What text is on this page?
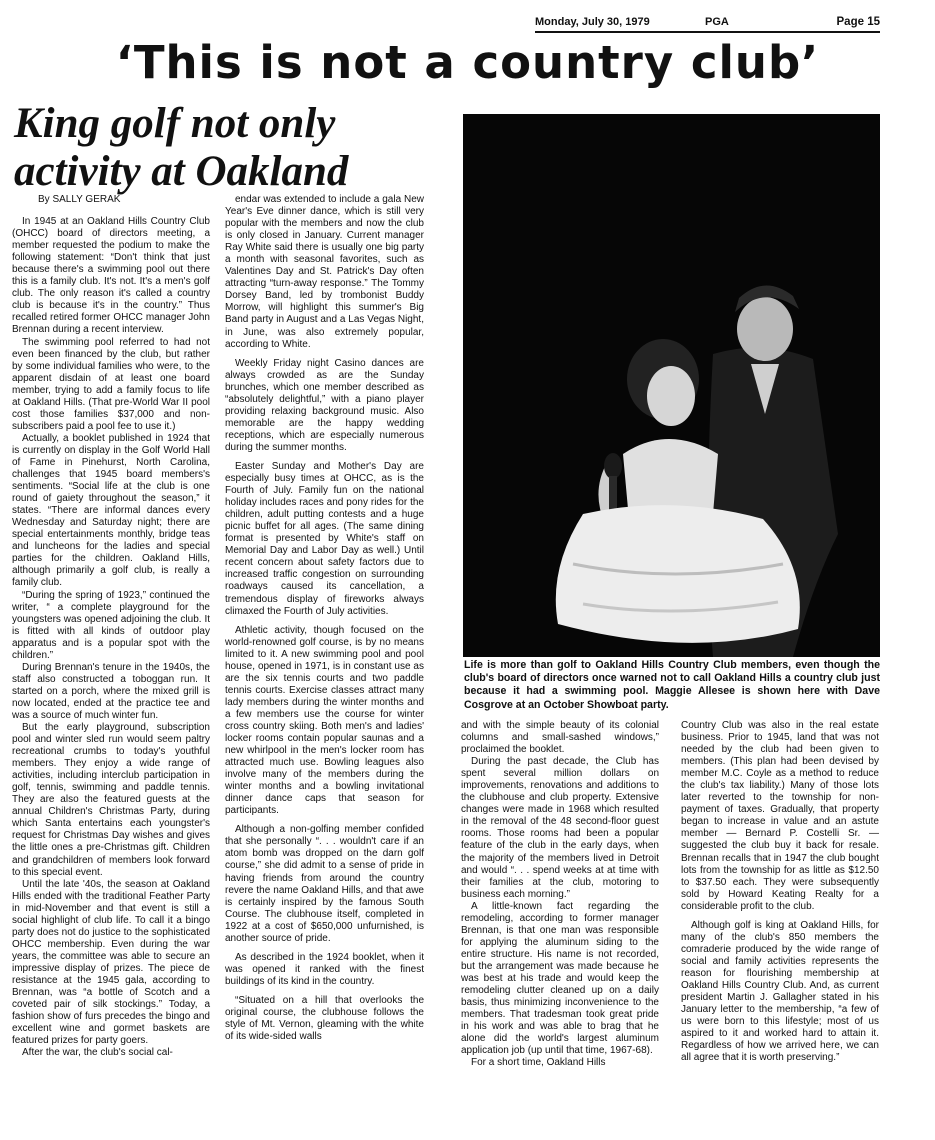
Monday, July 30, 1979	PGA	Page 15
‘This is not a country club’
King golf not only
activity at Oakland

By SALLY GERAK

In 1945 at an Oakland Hills Country Club (OHCC) board of directors meeting, a member requested the podium to make the following statement: “Don't think that just because there's a swimming pool out there this is a family club. It's not. It's a men's golf club. The only reason it's called a country club is because it's in the country.” Thus recalled retired former OHCC manager John Brennan during a recent interview.

The swimming pool referred to had not even been financed by the club, but rather by some individual families who were, to the apparent disdain of at least one board member, trying to add a family focus to life at Oakland Hills. (That pre-World War II pool cost those families $37,000 and non-subscribers paid a pool fee to use it.)

Actually, a booklet published in 1924 that is currently on display in the Golf World Hall of Fame in Pinehurst, North Carolina, challenges that 1945 board members's sentiments. “Social life at the club is one round of gaiety throughout the season,” it states. “There are informal dances every Wednesday and Saturday night; there are special entertainments monthly, bridge teas and luncheons for the ladies and special parties for the children. Oakland Hills, although primarily a golf club, is really a family club.

“During the spring of 1923,” continued the writer, “ a complete playground for the youngsters was opened adjoining the club. It is fitted with all kinds of outdoor play apparatus and is a popular spot with the children.”

During Brennan's tenure in the 1940s, the staff also constructed a toboggan run. It started on a porch, where the mixed grill is now located, ended at the practice tee and was a source of much winter fun.

But the early playground, subscription pool and winter sled run would seem paltry recreational crumbs to today's youthful members. They enjoy a wide range of activities, including interclub participation in golf, tennis, swimming and paddle tennis. They are also the featured guests at the annual Children's Christmas Party, during which Santa entertains each youngster's request for Christmas Day wishes and gives the little ones a pre-Christmas gift. Children and grandchildren of members look forward to this special event.

Until the late '40s, the season at Oakland Hills ended with the traditional Feather Party in mid-November and that event is still a social highlight of club life. To call it a bingo party does not do justice to the sophisticated OHCC membership. Even during the war years, the committee was able to secure an impressive display of prizes. The piece de resistance at the 1945 gala, according to Brennan, was “a bottle of Scotch and a coveted pair of silk stockings.” Today, a fashion show of furs precedes the bingo and excellent wine and gormet baskets are featured prizes for party goers.

After the war, the club's social cal-

endar was extended to include a gala New Year's Eve dinner dance, which is still very popular with the members and now the club is only closed in January. Current manager Ray White said there is usually one big party a month with seasonal favorites, such as Valentines Day and St. Patrick's Day often attracting “turn-away response.” The Tommy Dorsey Band, led by trombonist Buddy Morrow, will highlight this summer's Big Band party in August and a Las Vegas Night, in June, was also extremely popular, according to White.

Weekly Friday night Casino dances are always crowded as are the Sunday brunches, which one member described as “absolutely delightful,” with a piano player providing relaxing background music. Also memorable are the happy wedding receptions, which are especially numerous during the summer months.

Easter Sunday and Mother's Day are especially busy times at OHCC, as is the Fourth of July. Family fun on the national holiday includes races and pony rides for the children, adult putting contests and a huge picnic buffet for all ages. (The same dining format is presented by White's staff on Memorial Day and Labor Day as well.) Until recent concern about safety factors due to increased traffic congestion on surrounding roadways caused its cancellation, a tremendous display of fireworks always climaxed the Fourth of July activities.

Athletic activity, though focused on the world-renowned golf course, is by no means limited to it. A new swimming pool and pool house, opened in 1971, is in constant use as are the six tennis courts and two paddle tennis courts. Exercise classes attract many lady members during the winter months and a few members use the course for winter cross country skiing. Both men's and ladies' locker rooms contain popular saunas and a new whirlpool in the men's locker room has attracted much use. Bowling leagues also involve many of the members during the winter months and a bowling invitational dinner dance caps that season for participants.

Although a non-golfing member confided that she personally “. . . wouldn't care if an atom bomb was dropped on the darn golf course,” she did admit to a sense of pride in having friends from around the country revere the name Oakland Hills, and that awe is certainly inspired by the famous South Course. The clubhouse itself, completed in 1922 at a cost of $650,000 unfurnished, is another source of pride.

As described in the 1924 booklet, when it was opened it ranked with the finest buildings of its kind in the country.

“Situated on a hill that overlooks the original course, the clubhouse follows the style of Mt. Vernon, gleaming with the white of its wide-sided walls

Life is more than golf to Oakland Hills Country Club members, even though the club's board of directors once warned not to call Oakland Hills a country club just because it had a swimming pool. Maggie Allesee is shown here with Dave Cosgrove at an October Showboat party.

and with the simple beauty of its colonial columns and small-sashed windows,” proclaimed the booklet.

During the past decade, the Club has spent several million dollars on improvements, renovations and additions to the clubhouse and club property. Extensive changes were made in 1968 which resulted in the removal of the 48 second-floor guest rooms. Those rooms had been a popular feature of the club in the early days, when the majority of the members lived in Detroit and would “. . . spend weeks at at time with their families at the club, motoring to business each morning.”

A little-known fact regarding the remodeling, according to former manager Brennan, is that one man was responsible for applying the aluminum siding to the entire structure. His name is not recorded, but the arrangement was made because he was best at his trade and would keep the remodeling clutter cleaned up on a daily basis, thus minimizing inconvenience to the members. That tradesman took great pride in his work and was able to brag that he alone did the world's largest aluminum application job (up until that time, 1967-68).

For a short time, Oakland Hills

Country Club was also in the real estate business. Prior to 1945, land that was not needed by the club had been given to members. (This plan had been devised by member M.C. Coyle as a method to reduce the club's tax liability.) Many of those lots later reverted to the township for non-payment of taxes. Gradually, that property began to increase in value and an astute member — Bernard P. Costelli Sr. — suggested the club buy it back for resale. Brennan recalls that in 1947 the club bought lots from the township for as little as $12.50 to $37.50 each. They were subsequently sold by Howard Keating Realty for a considerable profit to the club.

Although golf is king at Oakland Hills, for many of the club's 850 members the comraderie produced by the wide range of social and family activities represents the reason for flourishing membership at Oakland Hills Country Club. And, as current president Martin J. Gallagher stated in his January letter to the membership, “a few of us were born to this lifestyle; most of us aspired to it and worked hard to attain it. Regardless of how we arrived here, we can all agree that it is worth preserving.”
